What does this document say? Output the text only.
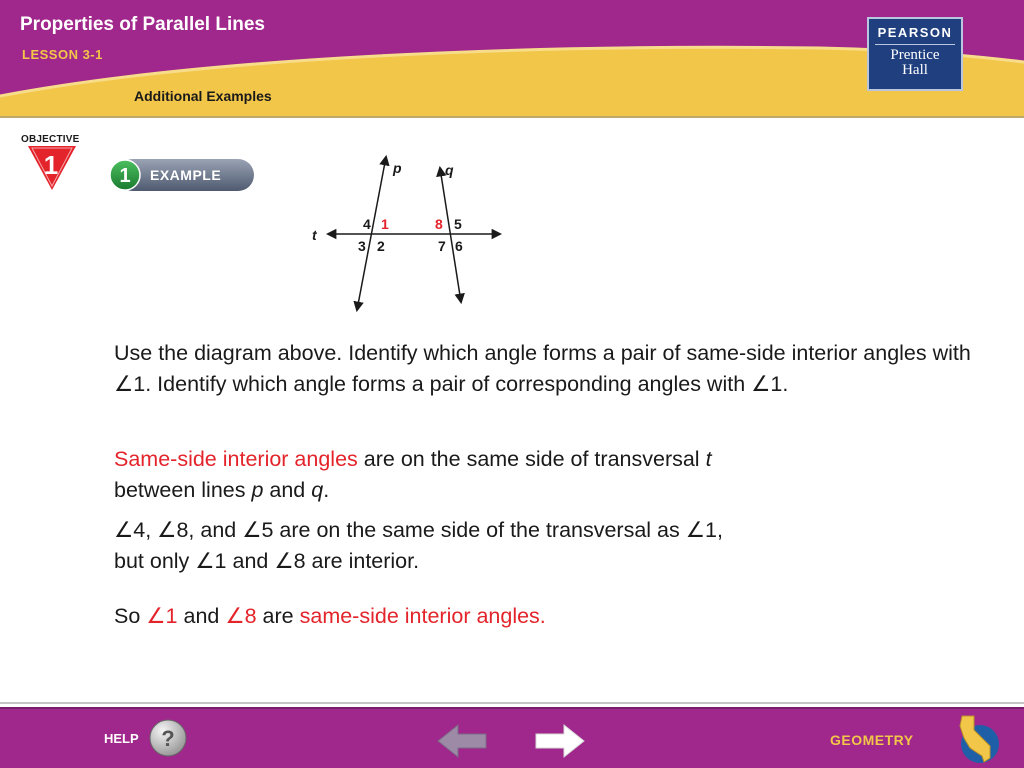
Properties of Parallel Lines
LESSON 3-1
Additional Examples
PEARSON
Prentice
Hall
OBJECTIVE
1	1 EXAMPLE	p	q
t
4 1
3 2
8 5
7 6
Use the diagram above. Identify which angle forms a pair of same-side interior angles with ∠1. Identify which angle forms a pair of corresponding angles with ∠1.
Same-side interior angles are on the same side of transversal t
between lines p and q.
∠4, ∠8, and ∠5 are on the same side of the transversal as ∠1,
but only ∠1 and ∠8 are interior.
So ∠1 and ∠8 are same-side interior angles.
HELP ?	GEOMETRY
